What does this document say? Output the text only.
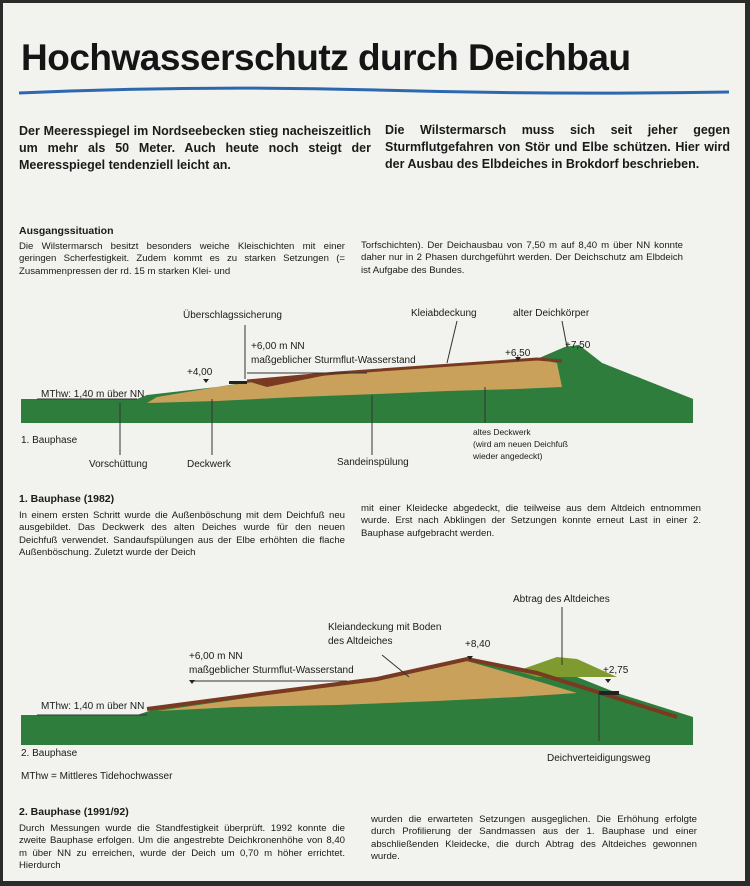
Hochwasserschutz durch Deichbau
Der Meeresspiegel im Nordseebecken stieg nacheiszeitlich um mehr als 50 Meter. Auch heute noch steigt der Meeresspiegel tendenziell leicht an.
Die Wilstermarsch muss sich seit jeher gegen Sturmflutgefahren von Stör und Elbe schützen. Hier wird der Ausbau des Elbdeiches in Brokdorf beschrieben.
Ausgangssituation
Die Wilstermarsch besitzt besonders weiche Kleischichten mit einer geringen Scherfestigkeit. Zudem kommt es zu starken Setzungen (= Zusammenpressen der rd. 15 m starken Klei- und
Torfschichten). Der Deichausbau von 7,50 m auf 8,40 m über NN konnte daher nur in 2 Phasen durchgeführt werden. Der Deichschutz am Elbdeich ist Aufgabe des Bundes.
Überschlagssicherung	Kleiabdeckung	alter Deichkörper
+6,00 m NN
maßgeblicher Sturmflut-Wasserstand
+4,00
+6,50
+7,50
MThw: 1,40 m über NN
1. Bauphase
Vorschüttung	Deckwerk	Sandeinspülung
altes Deckwerk
(wird am neuen Deichfuß
wieder angedeckt)
1. Bauphase (1982)
In einem ersten Schritt wurde die Außenböschung mit dem Deichfuß neu ausgebildet. Das Deckwerk des alten Deiches wurde für den neuen Deichfuß verwendet. Sandaufspülungen aus der Elbe erhöhten die flache Außenböschung. Zuletzt wurde der Deich
mit einer Kleidecke abgedeckt, die teilweise aus dem Altdeich entnommen wurde. Erst nach Abklingen der Setzungen konnte erneut Last in einer 2. Bauphase aufgebracht werden.
Abtrag des Altdeiches
Kleiandeckung mit Boden
des Altdeiches	+8,40
+6,00 m NN
maßgeblicher Sturmflut-Wasserstand	+2,75
MThw: 1,40 m über NN
2. Bauphase	Deichverteidigungsweg
MThw = Mittleres Tidehochwasser
2. Bauphase (1991/92)
Durch Messungen wurde die Standfestigkeit überprüft. 1992 konnte die zweite Bauphase erfolgen. Um die angestrebte Deichkronenhöhe von 8,40 m über NN zu erreichen, wurde der Deich um 0,70 m höher errichtet. Hierdurch
wurden die erwarteten Setzungen ausgeglichen. Die Erhöhung erfolgte durch Profilierung der Sandmassen aus der 1. Bauphase und einer abschließenden Kleidecke, die durch Abtrag des Altdeiches gewonnen wurde.
